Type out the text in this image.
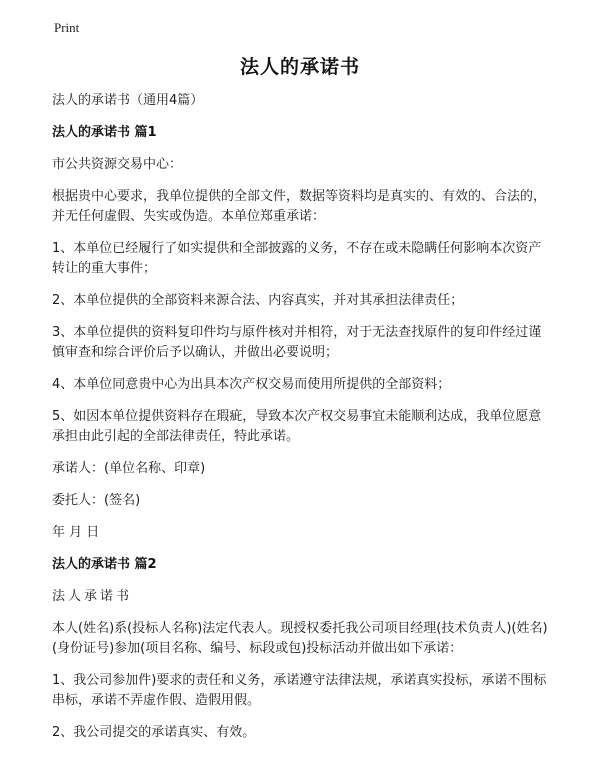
Print
法人的承诺书

法人的承诺书（通用4篇）

法人的承诺书 篇1

市公共资源交易中心：

根据贵中心要求，我单位提供的全部文件，数据等资料均是真实的、有效的、合法的，并无任何虚假、失实或伪造。本单位郑重承诺：

1、本单位已经履行了如实提供和全部披露的义务，不存在或未隐瞒任何影响本次资产转让的重大事件；

2、本单位提供的全部资料来源合法、内容真实，并对其承担法律责任；

3、本单位提供的资料复印件均与原件核对并相符，对于无法查找原件的复印件经过谨慎审查和综合评价后予以确认，并做出必要说明；

4、本单位同意贵中心为出具本次产权交易而使用所提供的全部资料；

5、如因本单位提供资料存在瑕疵，导致本次产权交易事宜未能顺利达成，我单位愿意承担由此引起的全部法律责任，特此承诺。

承诺人：(单位名称、印章)

委托人：(签名)

年 月 日

法人的承诺书 篇2

法人承诺书

本人(姓名)系(投标人名称)法定代表人。现授权委托我公司项目经理(技术负责人)(姓名)(身份证号)参加(项目名称、编号、标段或包)投标活动并做出如下承诺：

1、我公司参加件)要求的责任和义务，承诺遵守法律法规，承诺真实投标，承诺不围标串标，承诺不弄虚作假、造假用假。

2、我公司提交的承诺真实、有效。
